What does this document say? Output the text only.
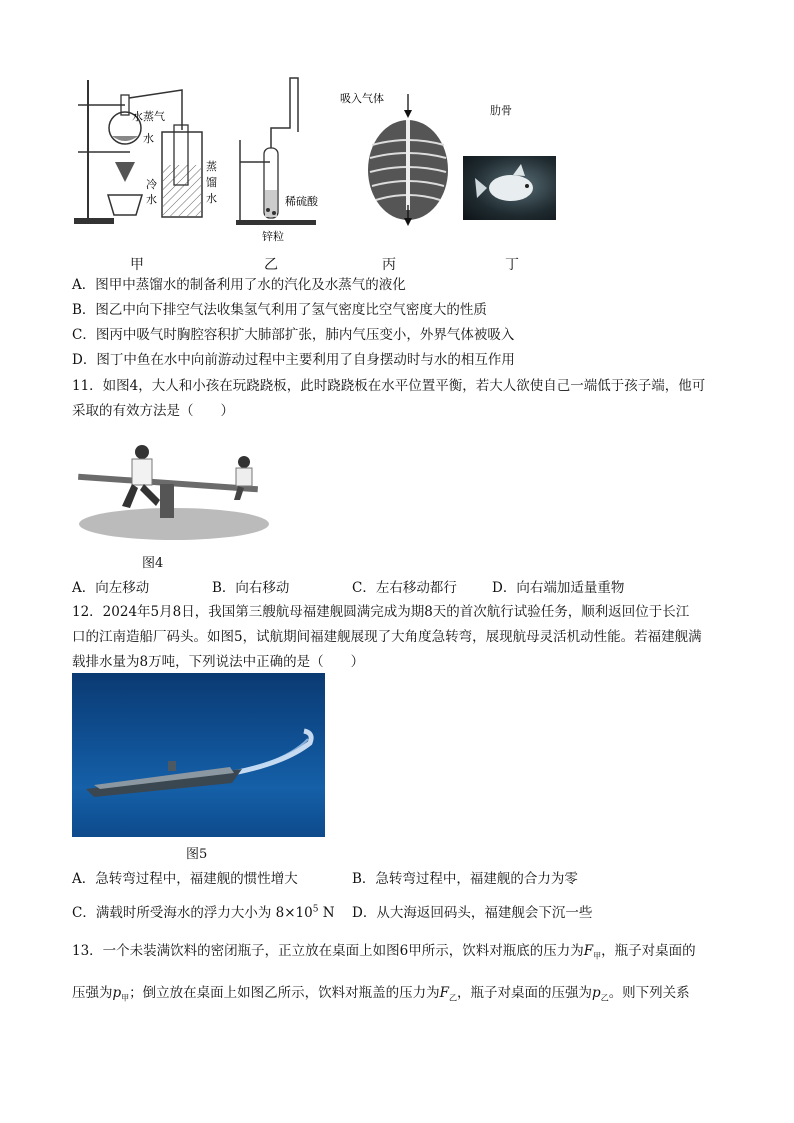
水蒸气
水
冷
水
蒸
馏
水	稀硫酸
锌粒
吸入气体
肋骨
甲	乙	丙	丁
A．图甲中蒸馏水的制备利用了水的汽化及水蒸气的液化
B．图乙中向下排空气法收集氢气利用了氢气密度比空气密度大的性质
C．图丙中吸气时胸腔容积扩大肺部扩张，肺内气压变小，外界气体被吸入
D．图丁中鱼在水中向前游动过程中主要利用了自身摆动时与水的相互作用
11．如图4，大人和小孩在玩跷跷板，此时跷跷板在水平位置平衡，若大人欲使自己一端低于孩子端，他可
采取的有效方法是（　　）
图4
A．向左移动	B．向右移动	C．左右移动都行	D．向右端加适量重物
12．2024年5月8日，我国第三艘航母福建舰圆满完成为期8天的首次航行试验任务，顺利返回位于长江
口的江南造船厂码头。如图5，试航期间福建舰展现了大角度急转弯，展现航母灵活机动性能。若福建舰满
载排水量为8万吨，下列说法中正确的是（　　）
图5
A．急转弯过程中，福建舰的惯性增大	B．急转弯过程中，福建舰的合力为零
C．满载时所受海水的浮力大小为 $8\times 10^5$ N D．从大海返回码头，福建舰会下沉一些
13．一个未装满饮料的密闭瓶子，正立放在桌面上如图6甲所示，饮料对瓶底的压力为$F_甲$，瓶子对桌面的
压强为$p_甲$；倒立放在桌面上如图乙所示，饮料对瓶盖的压力为$F_乙$，瓶子对桌面的压强为$p_乙$。则下列关系
